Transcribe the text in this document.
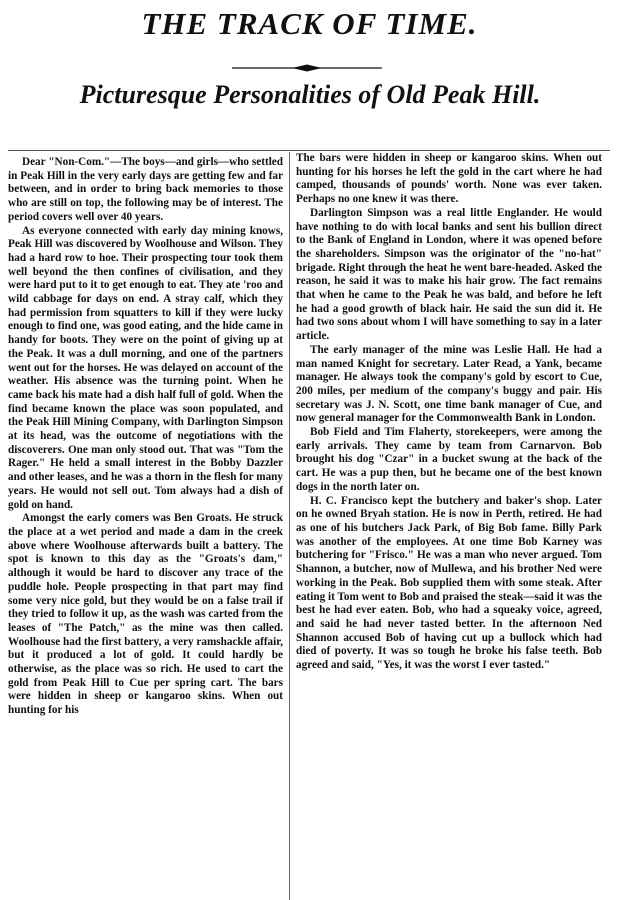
THE TRACK OF TIME.
Picturesque Personalities of Old Peak Hill.

Dear "Non-Com."—The boys—and girls—who settled in Peak Hill in the very early days are getting few and far between, and in order to bring back memories to those who are still on top, the following may be of interest. The period covers well over 40 years.

As everyone connected with early day mining knows, Peak Hill was discovered by Woolhouse and Wilson. They had a hard row to hoe. Their prospecting tour took them well beyond the then confines of civilisation, and they were hard put to it to get enough to eat. They ate 'roo and wild cabbage for days on end. A stray calf, which they had permission from squatters to kill if they were lucky enough to find one, was good eating, and the hide came in handy for boots. They were on the point of giving up at the Peak. It was a dull morning, and one of the partners went out for the horses. He was delayed on account of the weather. His absence was the turning point. When he came back his mate had a dish half full of gold. When the find became known the place was soon populated, and the Peak Hill Mining Company, with Darlington Simpson at its head, was the outcome of negotiations with the discoverers. One man only stood out. That was "Tom the Rager." He held a small interest in the Bobby Dazzler and other leases, and he was a thorn in the flesh for many years. He would not sell out. Tom always had a dish of gold on hand.

Amongst the early comers was Ben Groats. He struck the place at a wet period and made a dam in the creek above where Woolhouse afterwards built a battery. The spot is known to this day as the "Groats's dam," although it would be hard to discover any trace of the puddle hole. People prospecting in that part may find some very nice gold, but they would be on a false trail if they tried to follow it up, as the wash was carted from the leases of "The Patch," as the mine was then called. Woolhouse had the first battery, a very ramshackle affair, but it produced a lot of gold. It could hardly be otherwise, as the place was so rich. He used to cart the gold from Peak Hill to Cue per spring cart. The bars were hidden in sheep or kangaroo skins. When out hunting for his

The bars were hidden in sheep or kangaroo skins. When out hunting for his horses he left the gold in the cart where he had camped, thousands of pounds' worth. None was ever taken. Perhaps no one knew it was there.

Darlington Simpson was a real little Englander. He would have nothing to do with local banks and sent his bullion direct to the Bank of England in London, where it was opened before the shareholders. Simpson was the originator of the "no-hat" brigade. Right through the heat he went bare-headed. Asked the reason, he said it was to make his hair grow. The fact remains that when he came to the Peak he was bald, and before he left he had a good growth of black hair. He said the sun did it. He had two sons about whom I will have something to say in a later article.

The early manager of the mine was Leslie Hall. He had a man named Knight for secretary. Later Read, a Yank, became manager. He always took the company's gold by escort to Cue, 200 miles, per medium of the company's buggy and pair. His secretary was J. N. Scott, one time bank manager of Cue, and now general manager for the Commonwealth Bank in London.

Bob Field and Tim Flaherty, storekeepers, were among the early arrivals. They came by team from Carnarvon. Bob brought his dog "Czar" in a bucket swung at the back of the cart. He was a pup then, but he became one of the best known dogs in the north later on.

H. C. Francisco kept the butchery and baker's shop. Later on he owned Bryah station. He is now in Perth, retired. He had as one of his butchers Jack Park, of Big Bob fame. Billy Park was another of the employees. At one time Bob Karney was butchering for "Frisco." He was a man who never argued. Tom Shannon, a butcher, now of Mullewa, and his brother Ned were working in the Peak. Bob supplied them with some steak. After eating it Tom went to Bob and praised the steak—said it was the best he had ever eaten. Bob, who had a squeaky voice, agreed, and said he had never tasted better. In the afternoon Ned Shannon accused Bob of having cut up a bullock which had died of poverty. It was so tough he broke his false teeth. Bob agreed and said, "Yes, it was the worst I ever tasted."
